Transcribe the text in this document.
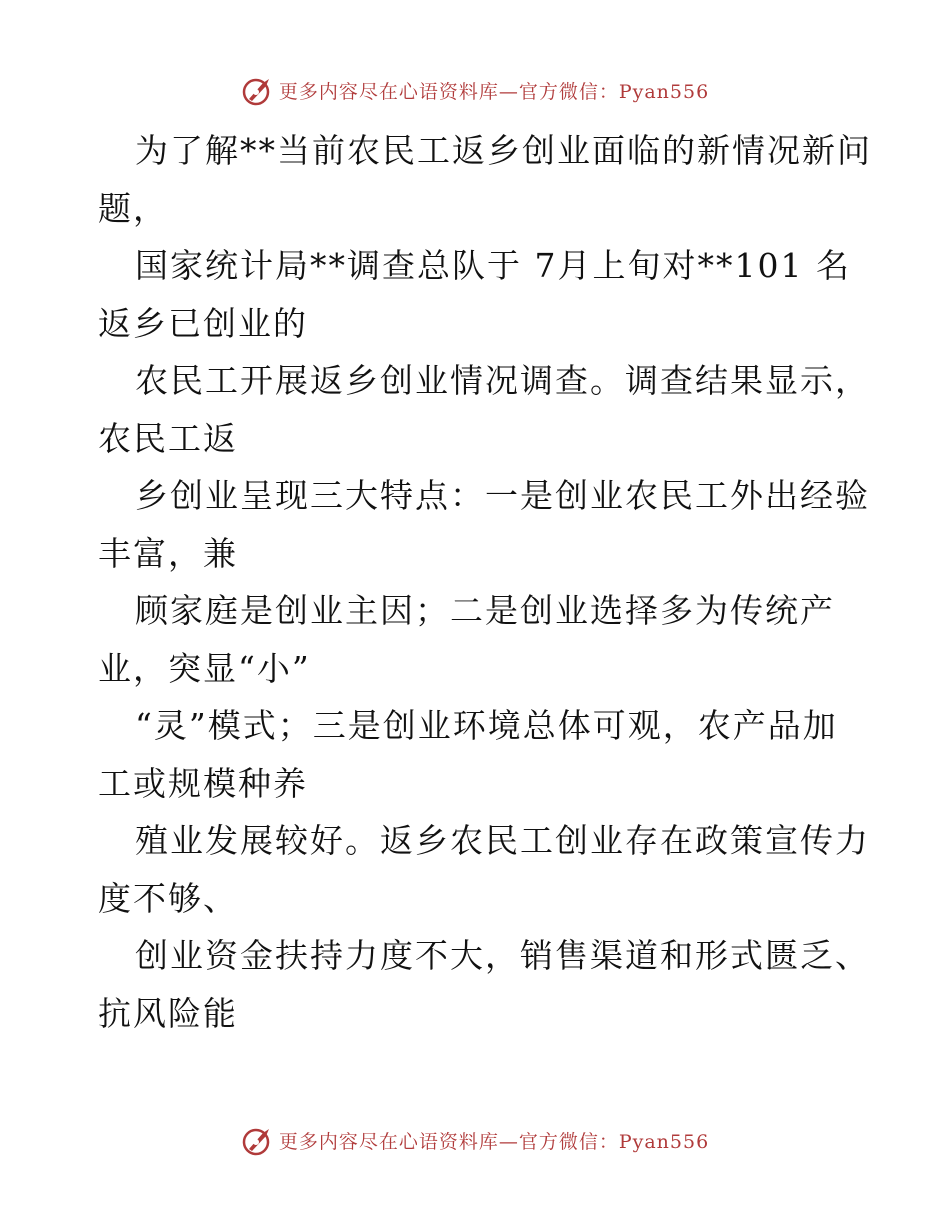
更多内容尽在心语资料库—官方微信：Pyan556
为了解**当前农民工返乡创业面临的新情况新问
题，
国家统计局**调查总队于 7月上旬对**101 名
返乡已创业的
农民工开展返乡创业情况调查。调查结果显示，
农民工返
乡创业呈现三大特点：一是创业农民工外出经验
丰富，兼
顾家庭是创业主因；二是创业选择多为传统产
业，突显“小”
“灵”模式；三是创业环境总体可观，农产品加
工或规模种养
殖业发展较好。返乡农民工创业存在政策宣传力
度不够、
创业资金扶持力度不大，销售渠道和形式匮乏、
抗风险能
更多内容尽在心语资料库—官方微信：Pyan556
